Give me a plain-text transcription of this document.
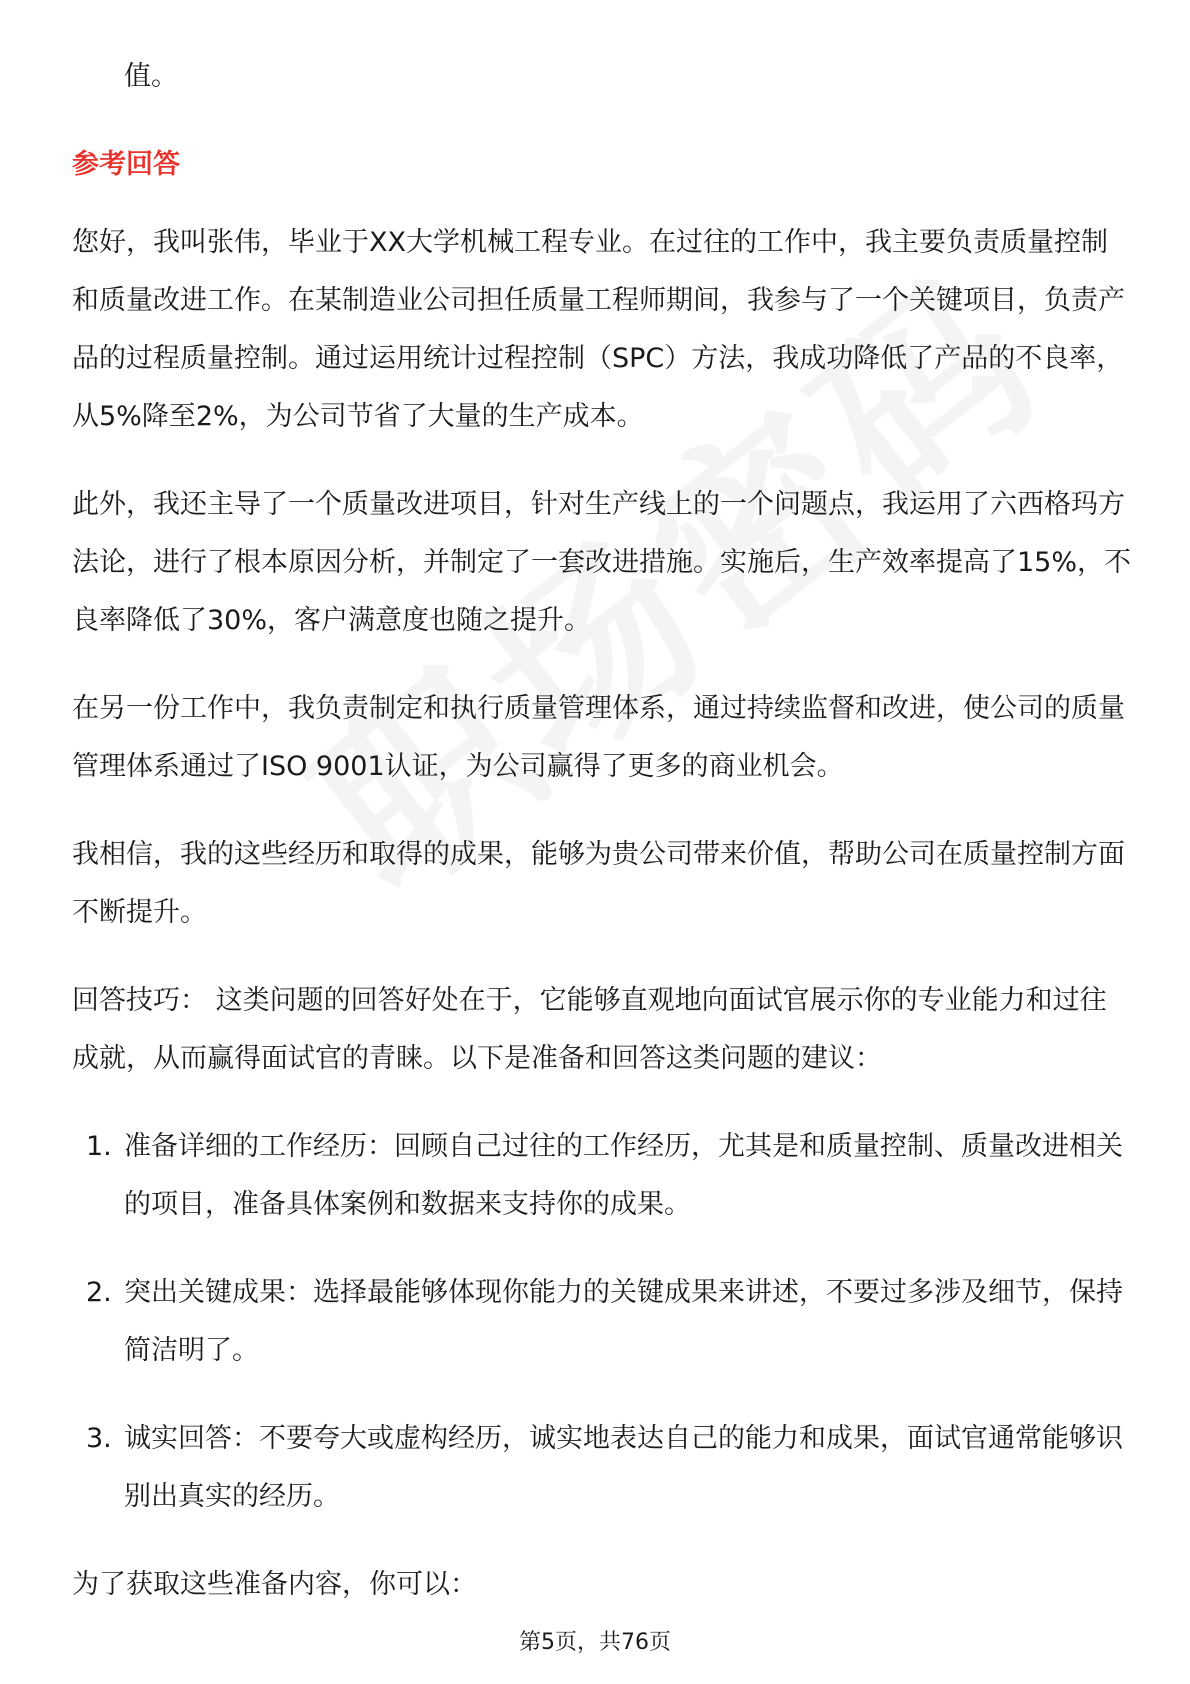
值。
参考回答
您好，我叫张伟，毕业于XX大学机械工程专业。在过往的工作中，我主要负责质量控制和质量改进工作。在某制造业公司担任质量工程师期间，我参与了一个关键项目，负责产品的过程质量控制。通过运用统计过程控制（SPC）方法，我成功降低了产品的不良率，从5%降至2%，为公司节省了大量的生产成本。
此外，我还主导了一个质量改进项目，针对生产线上的一个问题点，我运用了六西格玛方法论，进行了根本原因分析，并制定了一套改进措施。实施后，生产效率提高了15%，不良率降低了30%，客户满意度也随之提升。
在另一份工作中，我负责制定和执行质量管理体系，通过持续监督和改进，使公司的质量管理体系通过了ISO 9001认证，为公司赢得了更多的商业机会。
我相信，我的这些经历和取得的成果，能够为贵公司带来价值，帮助公司在质量控制方面不断提升。
回答技巧： 这类问题的回答好处在于，它能够直观地向面试官展示你的专业能力和过往成就，从而赢得面试官的青睐。以下是准备和回答这类问题的建议：
1. 准备详细的工作经历：回顾自己过往的工作经历，尤其是和质量控制、质量改进相关的项目，准备具体案例和数据来支持你的成果。
2. 突出关键成果：选择最能够体现你能力的关键成果来讲述，不要过多涉及细节，保持简洁明了。
3. 诚实回答：不要夸大或虚构经历，诚实地表达自己的能力和成果，面试官通常能够识别出真实的经历。
为了获取这些准备内容，你可以：
第5页，共76页
